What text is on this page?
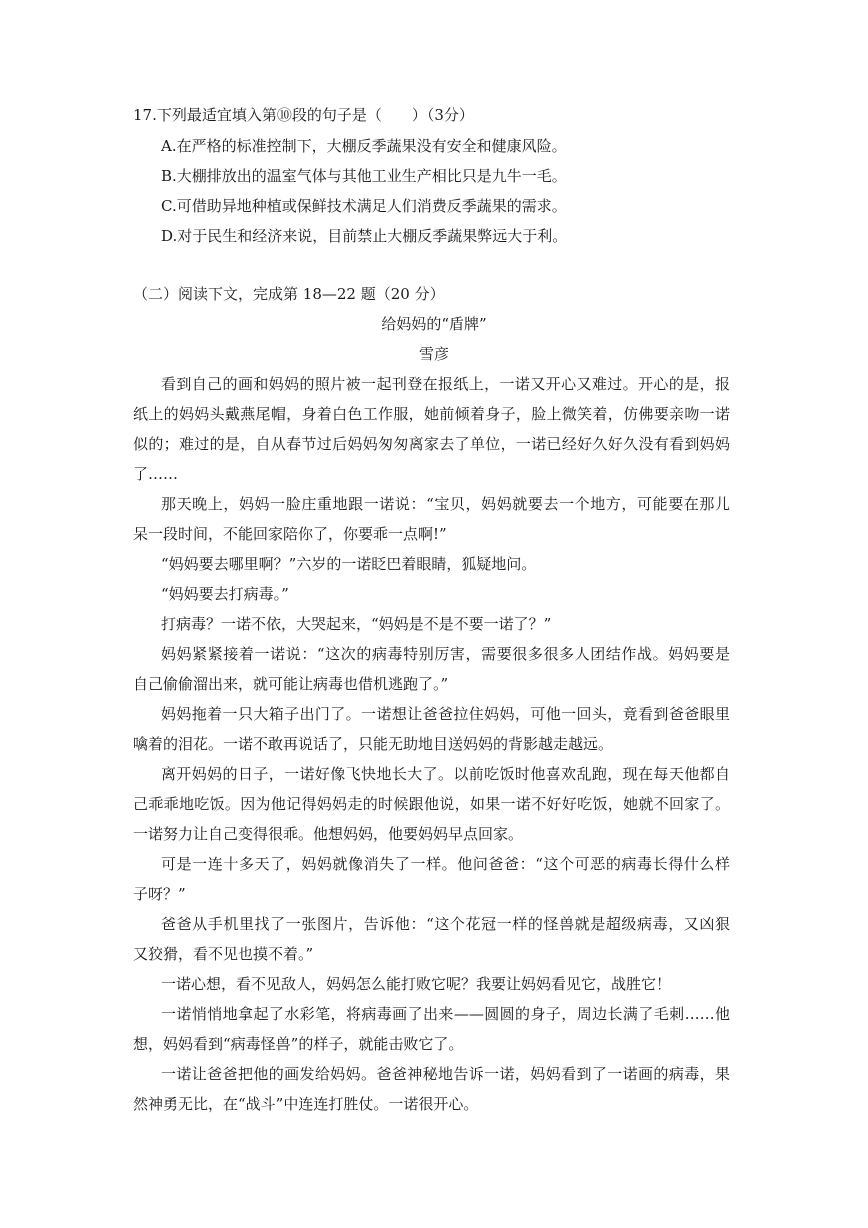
17.下列最适宜填入第⑩段的句子是（　　）（3分）
A.在严格的标准控制下，大棚反季蔬果没有安全和健康风险。
B.大棚排放出的温室气体与其他工业生产相比只是九牛一毛。
C.可借助异地种植或保鲜技术满足人们消费反季蔬果的需求。
D.对于民生和经济来说，目前禁止大棚反季蔬果弊远大于利。
（二）阅读下文，完成第 18—22 题（20 分）
给妈妈的“盾牌”
雪彦
看到自己的画和妈妈的照片被一起刊登在报纸上，一诺又开心又难过。开心的是，报
纸上的妈妈头戴燕尾帽，身着白色工作服，她前倾着身子，脸上微笑着，仿佛要亲吻一诺
似的；难过的是，自从春节过后妈妈匆匆离家去了单位，一诺已经好久好久没有看到妈妈
了……
那天晚上，妈妈一脸庄重地跟一诺说：“宝贝，妈妈就要去一个地方，可能要在那儿
呆一段时间，不能回家陪你了，你要乖一点啊!”
“妈妈要去哪里啊？”六岁的一诺眨巴着眼睛，狐疑地问。
“妈妈要去打病毒。”
打病毒？一诺不依，大哭起来，“妈妈是不是不要一诺了？”
妈妈紧紧接着一诺说：“这次的病毒特别厉害，需要很多很多人团结作战。妈妈要是
自己偷偷溜出来，就可能让病毒也借机逃跑了。”
妈妈拖着一只大箱子出门了。一诺想让爸爸拉住妈妈，可他一回头，竟看到爸爸眼里
噙着的泪花。一诺不敢再说话了，只能无助地目送妈妈的背影越走越远。
离开妈妈的日子，一诺好像飞快地长大了。以前吃饭时他喜欢乱跑，现在每天他都自
己乖乖地吃饭。因为他记得妈妈走的时候跟他说，如果一诺不好好吃饭，她就不回家了。
一诺努力让自己变得很乖。他想妈妈，他要妈妈早点回家。
可是一连十多天了，妈妈就像消失了一样。他问爸爸：“这个可恶的病毒长得什么样
子呀？”
爸爸从手机里找了一张图片，告诉他：“这个花冠一样的怪兽就是超级病毒，又凶狠
又狡猾，看不见也摸不着。”
一诺心想，看不见敌人，妈妈怎么能打败它呢？我要让妈妈看见它，战胜它！
一诺悄悄地拿起了水彩笔，将病毒画了出来——圆圆的身子，周边长满了毛刺……他
想，妈妈看到“病毒怪兽”的样子，就能击败它了。
一诺让爸爸把他的画发给妈妈。爸爸神秘地告诉一诺，妈妈看到了一诺画的病毒，果
然神勇无比，在“战斗”中连连打胜仗。一诺很开心。
